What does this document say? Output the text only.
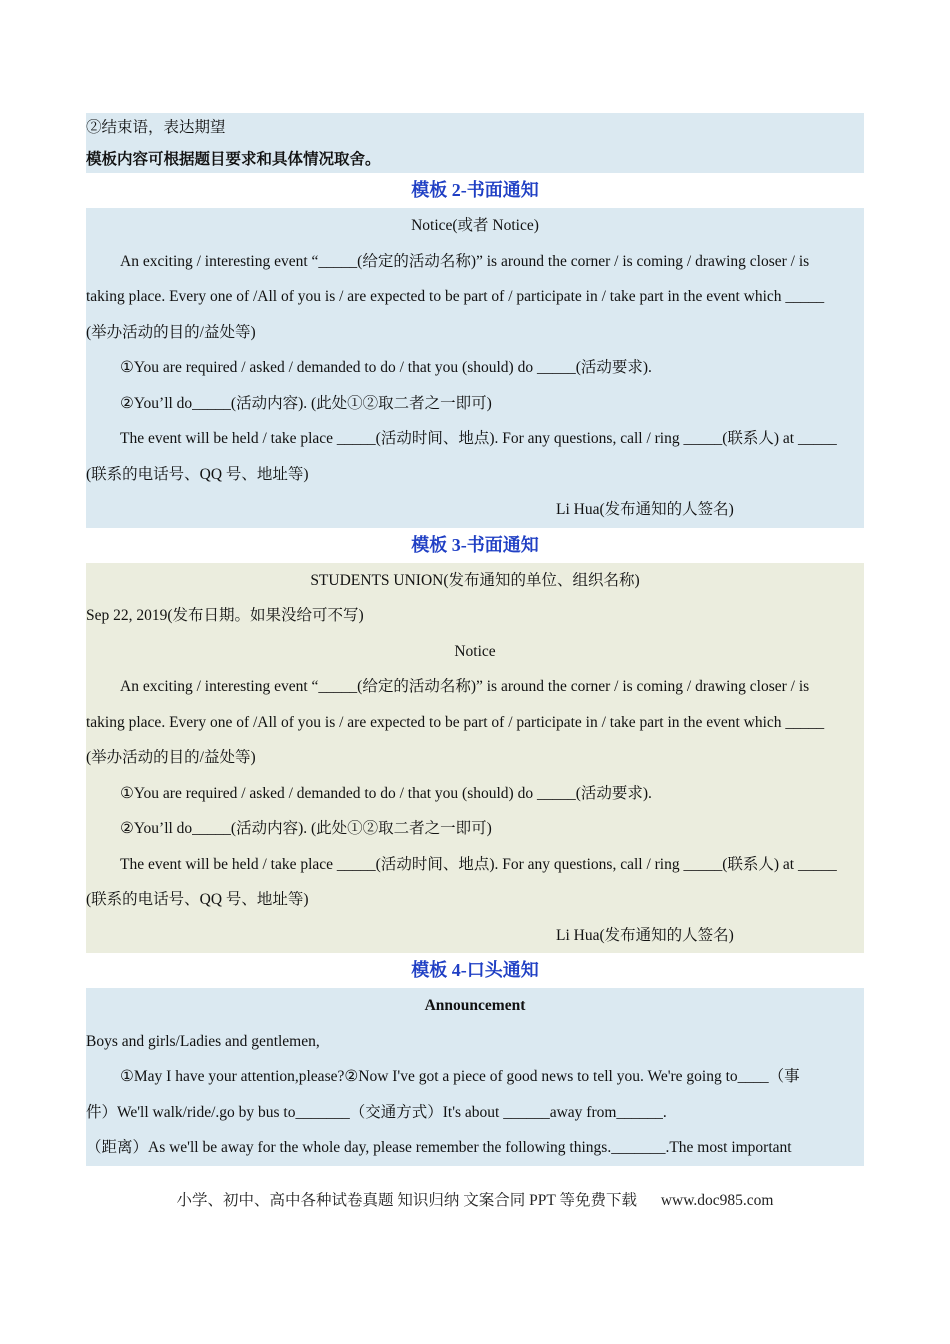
②结束语，表达期望
模板内容可根据题目要求和具体情况取舍。
模板 2-书面通知
Notice(或者 Notice)
An exciting / interesting event “_____(给定的活动名称)” is around the corner / is coming / drawing closer / is
taking place. Every one of /All of you is / are expected to be part of / participate in / take part in the event which _____
(举办活动的目的/益处等)
①You are required / asked / demanded to do / that you (should) do _____(活动要求).
②You’ll do_____(活动内容). (此处①②取二者之一即可)
The event will be held / take place _____(活动时间、地点). For any questions, call / ring _____(联系人) at _____
(联系的电话号、QQ 号、地址等)
Li Hua(发布通知的人签名)
模板 3-书面通知
STUDENTS UNION(发布通知的单位、组织名称)
Sep 22, 2019(发布日期。如果没给可不写)
Notice
An exciting / interesting event “_____(给定的活动名称)” is around the corner / is coming / drawing closer / is
taking place. Every one of /All of you is / are expected to be part of / participate in / take part in the event which _____
(举办活动的目的/益处等)
①You are required / asked / demanded to do / that you (should) do _____(活动要求).
②You’ll do_____(活动内容). (此处①②取二者之一即可)
The event will be held / take place _____(活动时间、地点). For any questions, call / ring _____(联系人) at _____
(联系的电话号、QQ 号、地址等)
Li Hua(发布通知的人签名)
模板 4-口头通知
Announcement
Boys and girls/Ladies and gentlemen,
①May I have your attention,please?②Now I've got a piece of good news to tell you. We're going to____（事
件）We'll walk/ride/.go by bus to_______（交通方式）It's about ______away from______.
（距离）As we'll be away for the whole day, please remember the following things._______.The most important
小学、初中、高中各种试卷真题 知识归纳 文案合同 PPT 等免费下载 www.doc985.com
